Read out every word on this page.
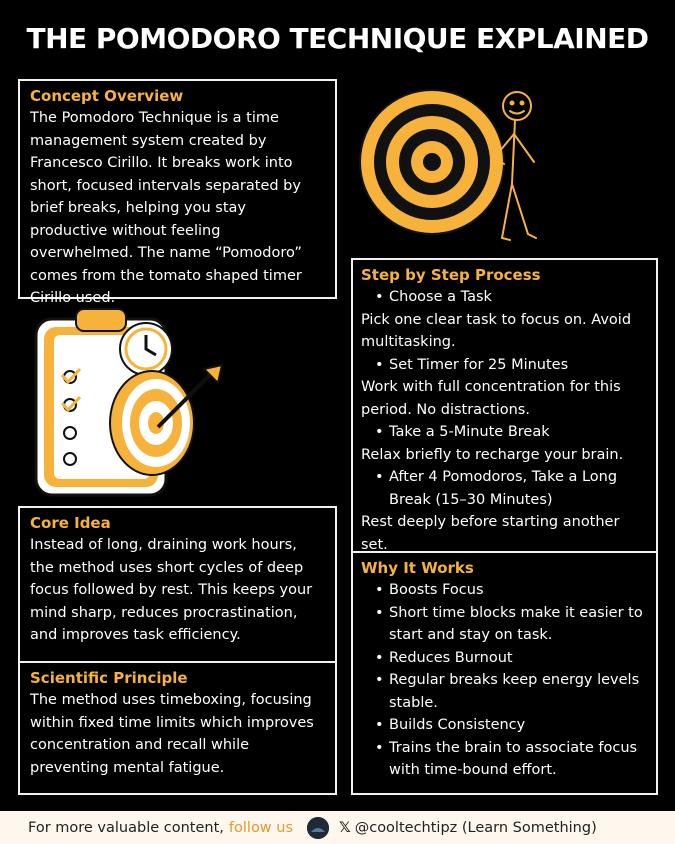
THE POMODORO TECHNIQUE EXPLAINED
Concept Overview

The Pomodoro Technique is a time management system created by Francesco Cirillo. It breaks work into short, focused intervals separated by brief breaks, helping you stay productive without feeling overwhelmed. The name “Pomodoro” comes from the tomato shaped timer Cirillo used.

Core Idea

Instead of long, draining work hours, the method uses short cycles of deep focus followed by rest. This keeps your mind sharp, reduces procrastination, and improves task efficiency.

Scientific Principle

The method uses timeboxing, focusing within fixed time limits which improves concentration and recall while preventing mental fatigue.

Step by Step Process
• Choose a Task
Pick one clear task to focus on. Avoid multitasking.
• Set Timer for 25 Minutes
Work with full concentration for this period. No distractions.
• Take a 5-Minute Break
Relax briefly to recharge your brain.
• After 4 Pomodoros, Take a Long Break (15–30 Minutes)
Rest deeply before starting another set.
Why It Works
• Boosts Focus
• Short time blocks make it easier to start and stay on task.
• Reduces Burnout
• Regular breaks keep energy levels stable.
• Builds Consistency
• Trains the brain to associate focus with time-bound effort.
For more valuable content, follow us	𝕏 @cooltechtipz (Learn Something)
